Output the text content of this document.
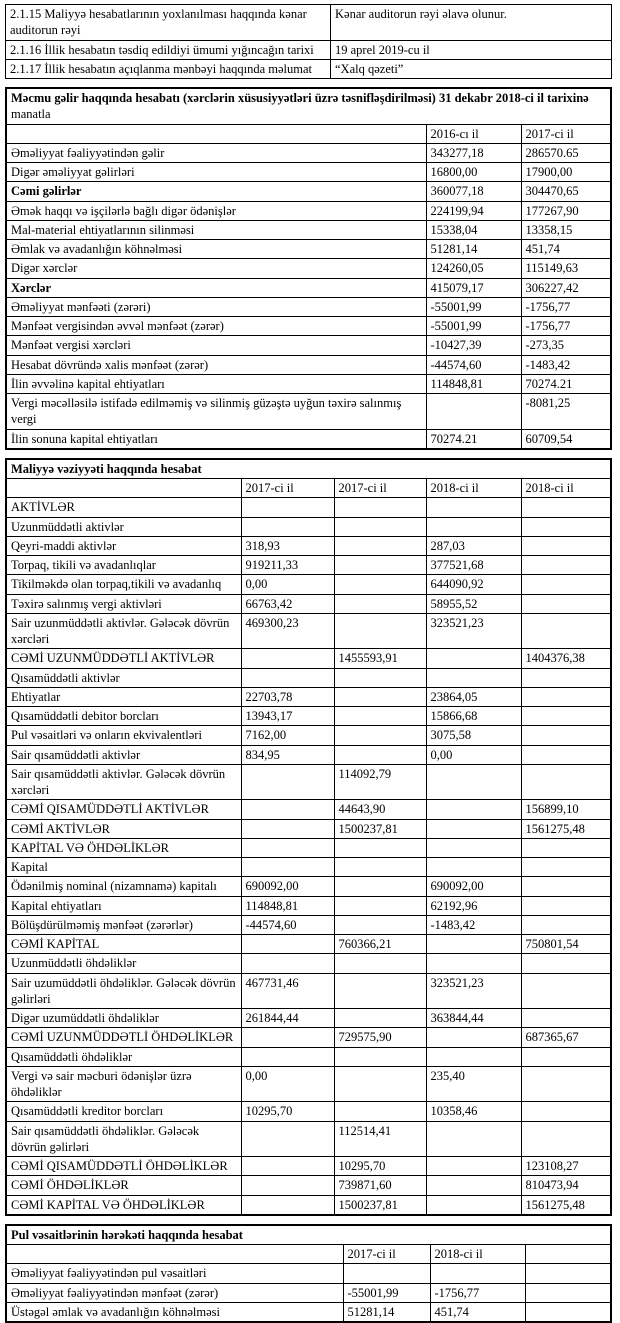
2.1.15 Maliyyə hesabatlarının yoxlanılması haqqında kənar auditorun rəyi	Kənar auditorun rəyi əlavə olunur.
2.1.16 İllik hesabatın təsdiq edildiyi ümumi yığıncağın tarixi	19 aprel 2019-cu il
2.1.17 İllik hesabatın açıqlanma mənbəyi haqqında məlumat	“Xalq qəzeti”
Məcmu gəlir haqqında hesabatı (xərclərin xüsusiyyətləri üzrə təsnifləşdirilməsi) 31 dekabr 2018-ci il tarixinə
manatla		

	2016-cı il	2017-ci il
Əməliyyat fəaliyyətindən gəlir	343277,18	286570.65
Digər əməliyyat gəlirləri	16800,00	17900,00
Cəmi gəlirlər	360077,18	304470,65
Əmək haqqı və işçilərlə bağlı digər ödənişlər	224199,94	177267,90
Mal-material ehtiyatlarının silinməsi	15338,04	13358,15
Əmlak və avadanlığın köhnəlməsi	51281,14	451,74
Digər xərclər	124260,05	115149,63
Xərclər	415079,17	306227,42
Əməliyyat mənfəəti (zərəri)	-55001,99	-1756,77
Mənfəət vergisindən əvvəl mənfəət (zərər)	-55001,99	-1756,77
Mənfəət vergisi xərcləri	-10427,39	-273,35
Hesabat dövründə xalis mənfəət (zərər)	-44574,60	-1483,42
İlin əvvəlinə kapital ehtiyatları	114848,81	70274.21
Vergi məcəlləsilə istifadə edilməmiş və silinmiş güzəştə uyğun təxirə salınmış vergi		-8081,25
İlin sonuna kapital ehtiyatları	70274.21	60709,54
Maliyyə vəziyyəti haqqında hesabat				
	2017-ci il	2017-ci il	2018-ci il	2018-ci il
AKTİVLƏR				
Uzunmüddətli aktivlər				
Qeyri-maddi aktivlər	318,93		287,03	
Torpaq, tikili və avadanlıqlar	919211,33		377521,68	
Tikilməkdə olan torpaq,tikili və avadanlıq	0,00		644090,92	
Təxirə salınmış vergi aktivləri	66763,42		58955,52	
Sair uzunmüddətli aktivlər. Gələcək dövrün xərcləri	469300,23		323521,23	
CƏMİ UZUNMÜDDƏTLİ AKTİVLƏR		1455593,91		1404376,38
Qısamüddətli aktivlər				
Ehtiyatlar	22703,78		23864,05	
Qısamüddətli debitor borcları	13943,17		15866,68	
Pul vəsaitləri və onların ekvivalentləri	7162,00		3075,58	
Sair qısamüddətli aktivlər	834,95		0,00	
Sair qısamüddətli aktivlər. Gələcək dövrün xərcləri		114092,79		
CƏMİ QISAMÜDDƏTLİ AKTİVLƏR		44643,90		156899,10
CƏMİ AKTİVLƏR		1500237,81		1561275,48
KAPİTAL VƏ ÖHDƏLİKLƏR				
Kapital				
Ödənilmiş nominal (nizamnamə) kapitalı	690092,00		690092,00	
Kapital ehtiyatları	114848,81		62192,96	
Bölüşdürülməmiş mənfəət (zərərlər)	-44574,60		-1483,42	
CƏMİ KAPİTAL		760366,21		750801,54
Uzunmüddətli öhdəliklər				
Sair uzumüddətli öhdəliklər. Gələcək dövrün gəlirləri	467731,46		323521,23	
Digər uzumüddətli öhdəliklər	261844,44		363844,44	
CƏMİ UZUNMÜDDƏTLİ ÖHDƏLİKLƏR		729575,90		687365,67
Qısamüddətli öhdəliklər				
Vergi və sair məcburi ödənişlər üzrə öhdəliklər	0,00		235,40	
Qısamüddətli kreditor borcları	10295,70		10358,46	
Sair qısamüddətli öhdəliklər. Gələcək dövrün gəlirləri		112514,41		
CƏMİ QISAMÜDDƏTLİ ÖHDƏLİKLƏR		10295,70		123108,27
CƏMİ ÖHDƏLİKLƏR		739871,60		810473,94
CƏMİ KAPİTAL VƏ ÖHDƏLİKLƏR		1500237,81		1561275,48
Pul vəsaitlərinin hərəkəti haqqında hesabat			
	2017-ci il	2018-ci il	
Əməliyyat fəaliyyətindən pul vəsaitləri			
Əməliyyat fəaliyyətindən mənfəət (zərər)	-55001,99	-1756,77	
Üstəgəl əmlak və avadanlığın köhnəlməsi	51281,14	451,74	
